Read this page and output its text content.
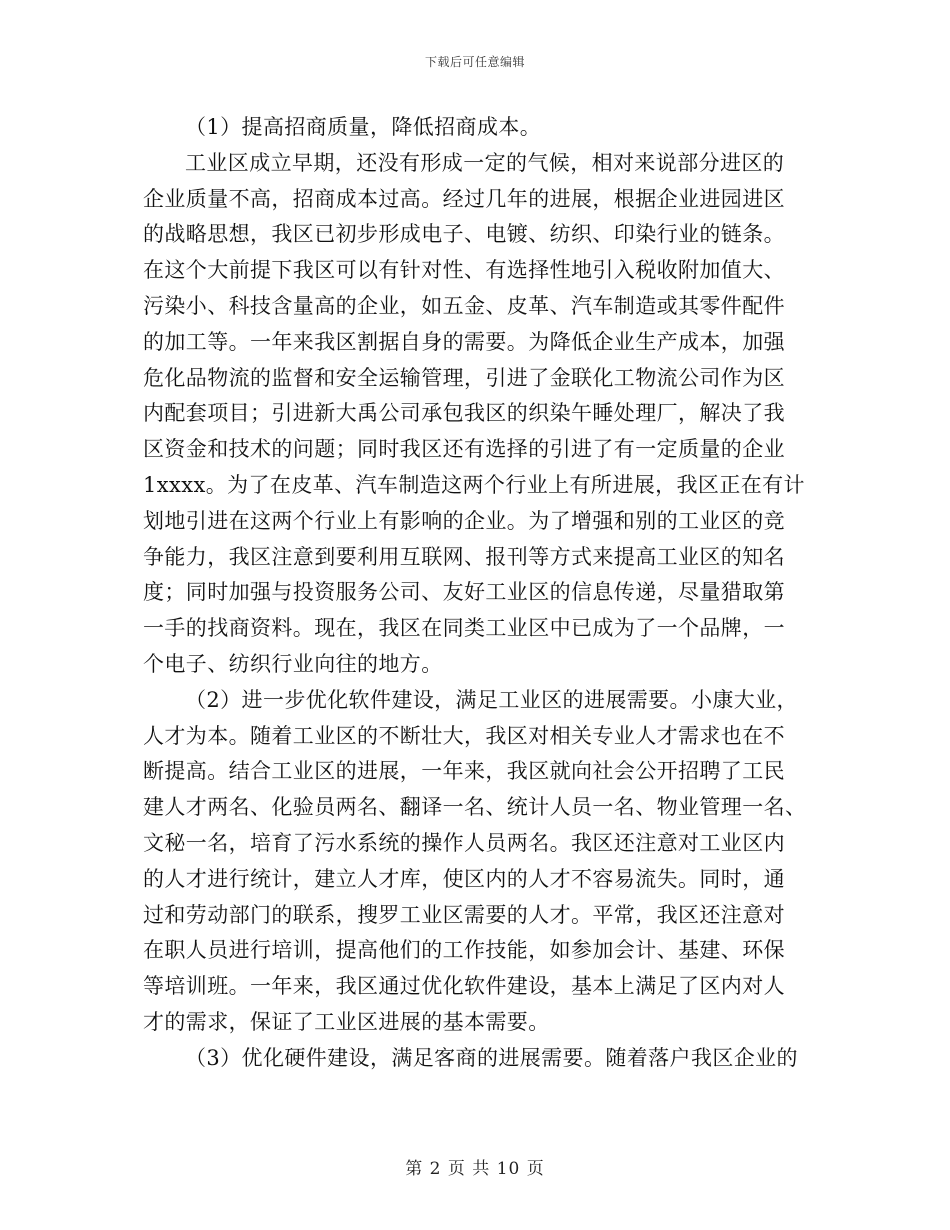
下载后可任意编辑
（1）提高招商质量，降低招商成本。
工业区成立早期，还没有形成一定的气候，相对来说部分进区的
企业质量不高，招商成本过高。经过几年的进展，根据企业进园进区
的战略思想，我区已初步形成电子、电镀、纺织、印染行业的链条。
在这个大前提下我区可以有针对性、有选择性地引入税收附加值大、
污染小、科技含量高的企业，如五金、皮革、汽车制造或其零件配件
的加工等。一年来我区割据自身的需要。为降低企业生产成本，加强
危化品物流的监督和安全运输管理，引进了金联化工物流公司作为区
内配套项目；引进新大禹公司承包我区的织染午睡处理厂，解决了我
区资金和技术的问题；同时我区还有选择的引进了有一定质量的企业
1xxxx。为了在皮革、汽车制造这两个行业上有所进展，我区正在有计
划地引进在这两个行业上有影响的企业。为了增强和别的工业区的竞
争能力，我区注意到要利用互联网、报刊等方式来提高工业区的知名
度；同时加强与投资服务公司、友好工业区的信息传递，尽量猎取第
一手的找商资料。现在，我区在同类工业区中已成为了一个品牌，一
个电子、纺织行业向往的地方。
（2）进一步优化软件建设，满足工业区的进展需要。小康大业，
人才为本。随着工业区的不断壮大，我区对相关专业人才需求也在不
断提高。结合工业区的进展，一年来，我区就向社会公开招聘了工民
建人才两名、化验员两名、翻译一名、统计人员一名、物业管理一名、
文秘一名，培育了污水系统的操作人员两名。我区还注意对工业区内
的人才进行统计，建立人才库，使区内的人才不容易流失。同时，通
过和劳动部门的联系，搜罗工业区需要的人才。平常，我区还注意对
在职人员进行培训，提高他们的工作技能，如参加会计、基建、环保
等培训班。一年来，我区通过优化软件建设，基本上满足了区内对人
才的需求，保证了工业区进展的基本需要。
（3）优化硬件建设，满足客商的进展需要。随着落户我区企业的
第 2 页 共 10 页
